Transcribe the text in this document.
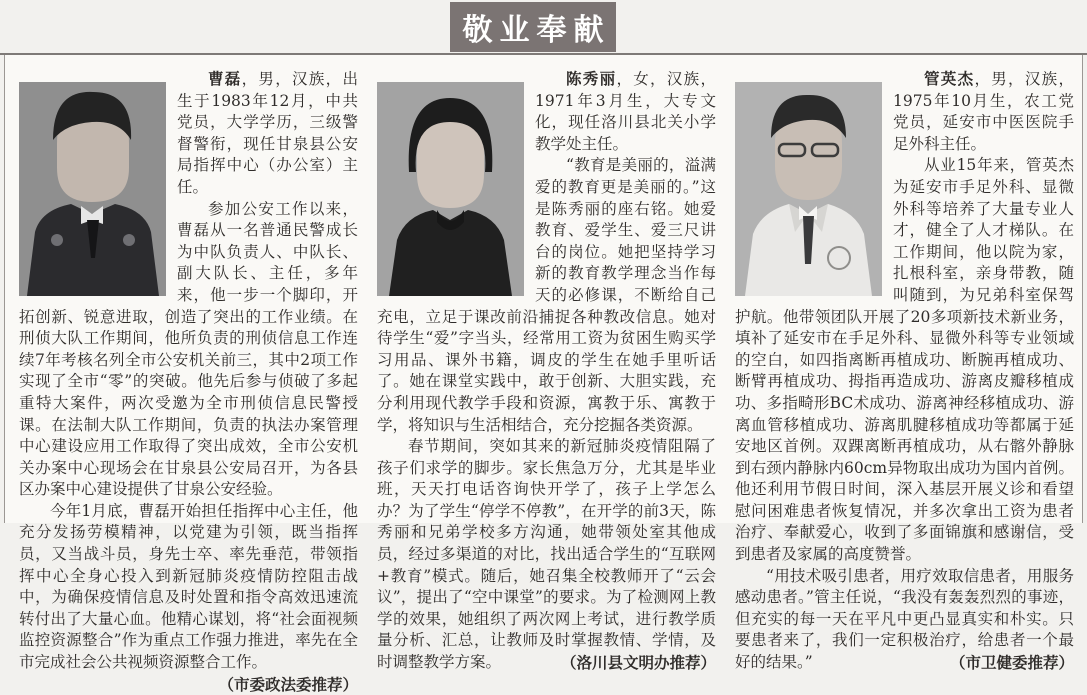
敬业奉献

曹磊，男，汉族，出生于1983年12月，中共党员，大学学历，三级警督警衔，现任甘泉县公安局指挥中心（办公室）主任。

参加公安工作以来，曹磊从一名普通民警成长为中队负责人、中队长、副大队长、主任，多年来，他一步一个脚印，开拓创新、锐意进取，创造了突出的工作业绩。在刑侦大队工作期间，他所负责的刑侦信息工作连续7年考核名列全市公安机关前三，其中2项工作实现了全市“零”的突破。他先后参与侦破了多起重特大案件，两次受邀为全市刑侦信息民警授课。在法制大队工作期间，负责的执法办案管理中心建设应用工作取得了突出成效，全市公安机关办案中心现场会在甘泉县公安局召开，为各县区办案中心建设提供了甘泉公安经验。

今年1月底，曹磊开始担任指挥中心主任，他充分发扬劳模精神，以党建为引领，既当指挥员，又当战斗员，身先士卒、率先垂范，带领指挥中心全身心投入到新冠肺炎疫情防控阻击战中，为确保疫情信息及时处置和指令高效迅速流转付出了大量心血。他精心谋划，将“社会面视频监控资源整合”作为重点工作强力推进，率先在全市完成社会公共视频资源整合工作。
（市委政法委推荐）

陈秀丽，女，汉族，1971年3月生，大专文化，现任洛川县北关小学教学处主任。

“教育是美丽的，溢满爱的教育更是美丽的。”这是陈秀丽的座右铭。她爱教育、爱学生、爱三尺讲台的岗位。她把坚持学习新的教育教学理念当作每天的必修课，不断给自己充电，立足于课改前沿捕捉各种教改信息。她对待学生“爱”字当头，经常用工资为贫困生购买学习用品、课外书籍，调皮的学生在她手里听话了。她在课堂实践中，敢于创新、大胆实践，充分利用现代教学手段和资源，寓教于乐、寓教于学，将知识与生活相结合，充分挖掘各类资源。

春节期间，突如其来的新冠肺炎疫情阻隔了孩子们求学的脚步。家长焦急万分，尤其是毕业班，天天打电话咨询快开学了，孩子上学怎么办？为了学生“停学不停教”，在开学的前3天，陈秀丽和兄弟学校多方沟通，她带领处室其他成员，经过多渠道的对比，找出适合学生的“互联网+教育”模式。随后，她召集全校教师开了“云会议”，提出了“空中课堂”的要求。为了检测网上教学的效果，她组织了两次网上考试，进行教学质量分析、汇总，让教师及时掌握教情、学情，及时调整教学方案。	（洛川县文明办推荐）

管英杰，男，汉族，1975年10月生，农工党党员，延安市中医医院手足外科主任。

从业15年来，管英杰为延安市手足外科、显微外科等培养了大量专业人才，健全了人才梯队。在工作期间，他以院为家，扎根科室，亲身带教，随叫随到，为兄弟科室保驾护航。他带领团队开展了20多项新技术新业务，填补了延安市在手足外科、显微外科等专业领域的空白，如四指离断再植成功、断腕再植成功、断臂再植成功、拇指再造成功、游离皮瓣移植成功、多指畸形BC术成功、游离神经移植成功、游离血管移植成功、游离肌腱移植成功等都属于延安地区首例。双踝离断再植成功，从右髂外静脉到右颈内静脉内60cm异物取出成功为国内首例。他还利用节假日时间，深入基层开展义诊和看望慰问困难患者恢复情况，并多次拿出工资为患者治疗、奉献爱心，收到了多面锦旗和感谢信，受到患者及家属的高度赞誉。

“用技术吸引患者，用疗效取信患者，用服务感动患者。”管主任说，“我没有轰轰烈烈的事迹，但充实的每一天在平凡中更凸显真实和朴实。只要患者来了，我们一定积极治疗，给患者一个最好的结果。”	（市卫健委推荐）
